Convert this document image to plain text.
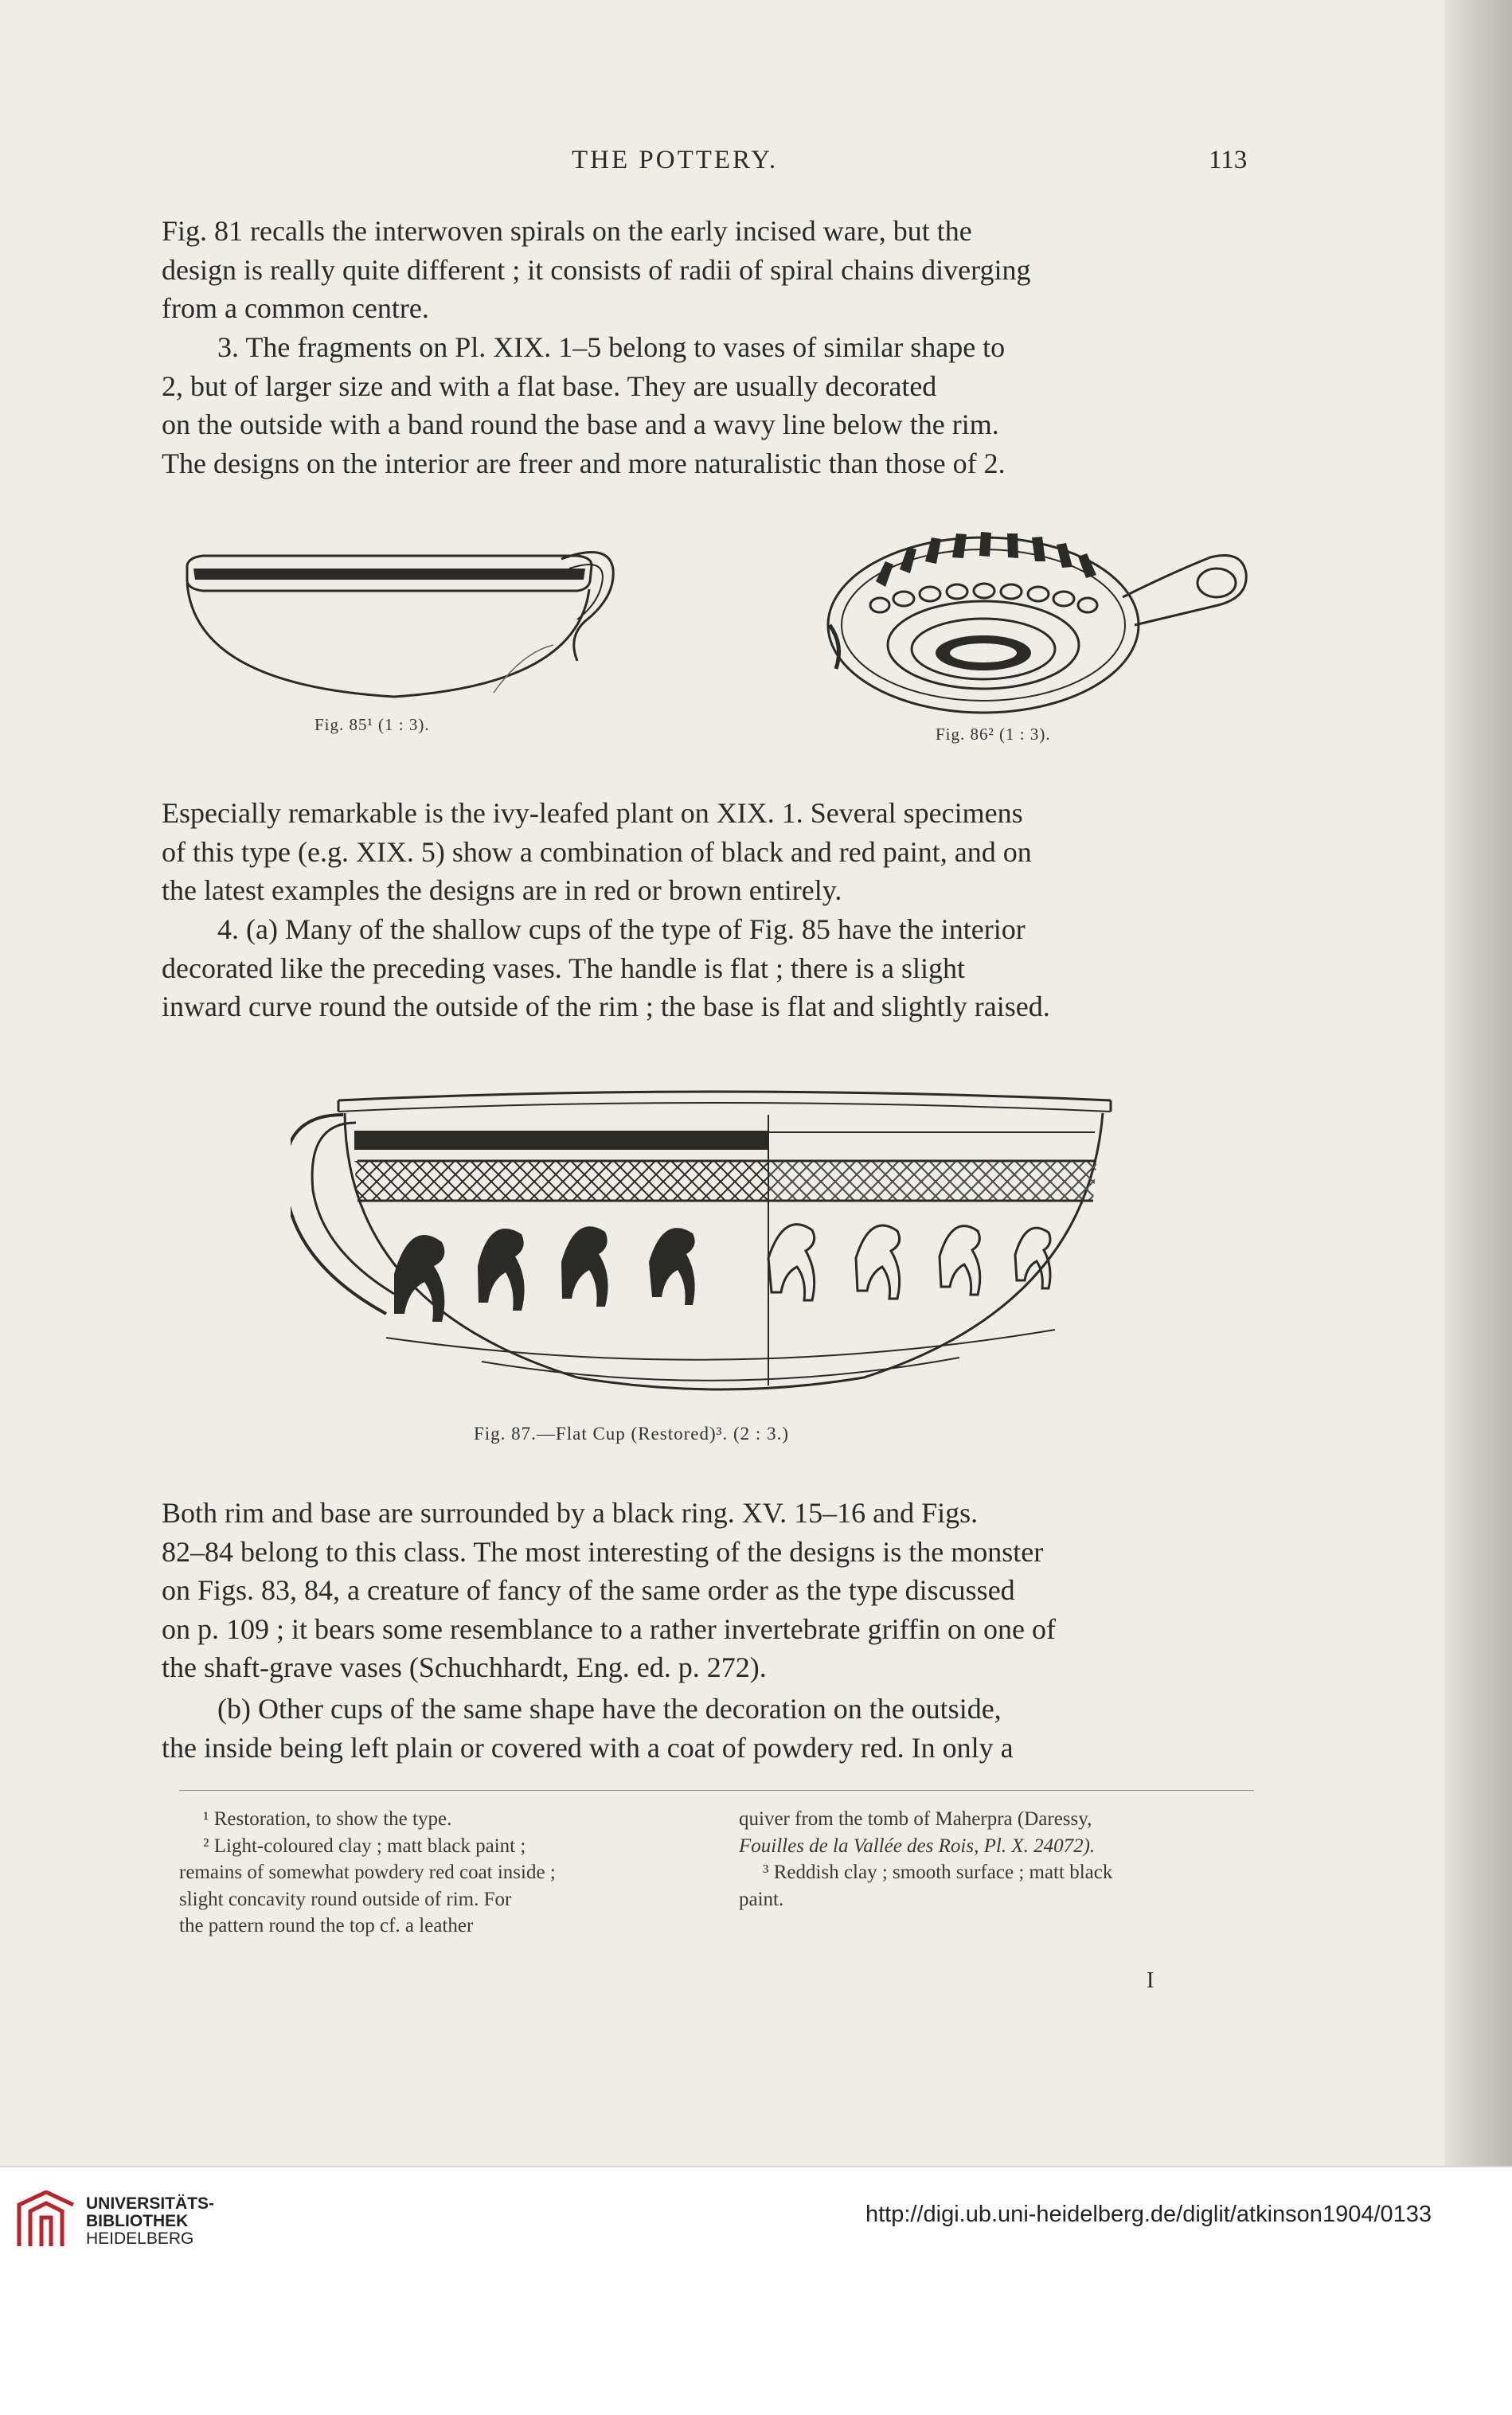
THE POTTERY.	113
Fig. 81 recalls the interwoven spirals on the early incised ware, but the
design is really quite different ; it consists of radii of spiral chains diverging
from a common centre.
3. The fragments on Pl. XIX. 1–5 belong to vases of similar shape to
2, but of larger size and with a flat base. They are usually decorated
on the outside with a band round the base and a wavy line below the rim.
The designs on the interior are freer and more naturalistic than those of 2.
Fig. 85¹ (1 : 3).	Fig. 86² (1 : 3).
Especially remarkable is the ivy-leafed plant on XIX. 1. Several specimens
of this type (e.g. XIX. 5) show a combination of black and red paint, and on
the latest examples the designs are in red or brown entirely.
4. (a) Many of the shallow cups of the type of Fig. 85 have the interior
decorated like the preceding vases. The handle is flat ; there is a slight
inward curve round the outside of the rim ; the base is flat and slightly raised.
Fig. 87.—Flat Cup (Restored)³. (2 : 3.)
Both rim and base are surrounded by a black ring. XV. 15–16 and Figs.
82–84 belong to this class. The most interesting of the designs is the monster
on Figs. 83, 84, a creature of fancy of the same order as the type discussed
on p. 109 ; it bears some resemblance to a rather invertebrate griffin on one of
the shaft-grave vases (Schuchhardt, Eng. ed. p. 272).
(b) Other cups of the same shape have the decoration on the outside,
the inside being left plain or covered with a coat of powdery red. In only a
¹ Restoration, to show the type.
² Light-coloured clay ; matt black paint ;
remains of somewhat powdery red coat inside ;
slight concavity round outside of rim. For
the pattern round the top cf. a leather
quiver from the tomb of Maherpra (Daressy,
Fouilles de la Vallée des Rois, Pl. X. 24072).
³ Reddish clay ; smooth surface ; matt black
paint.
I
UNIVERSITÄTS-
BIBLIOTHEK
HEIDELBERG
http://digi.ub.uni-heidelberg.de/diglit/atkinson1904/0133
